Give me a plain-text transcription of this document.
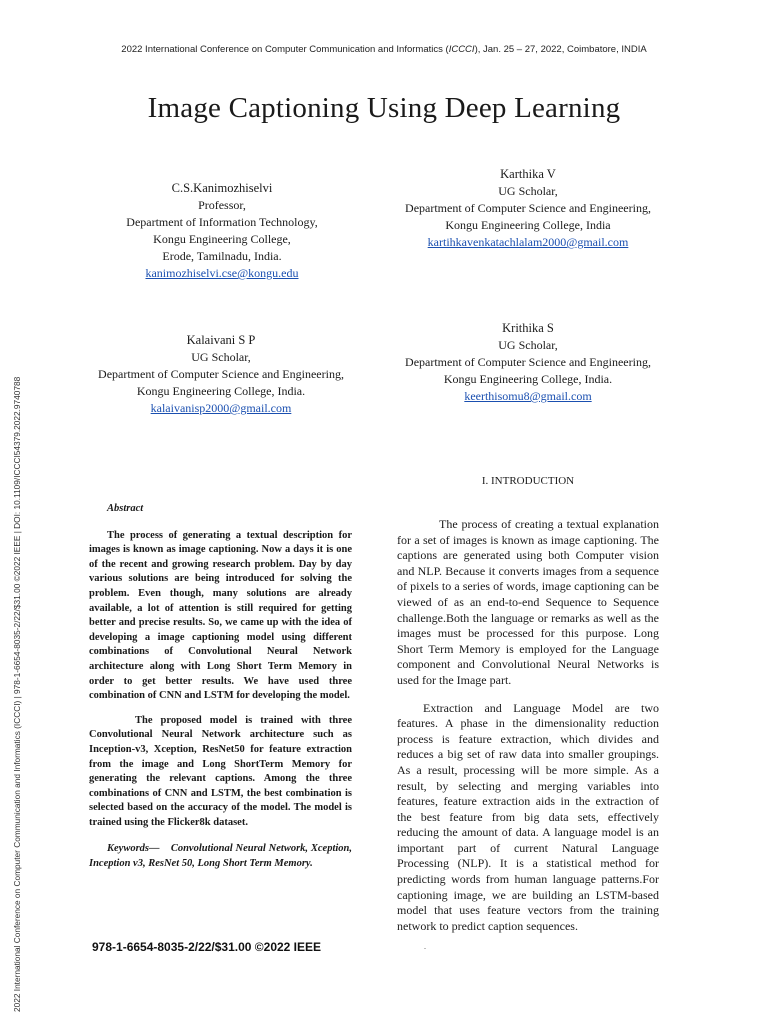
2022 International Conference on Computer Communication and Informatics (ICCCI), Jan. 25 – 27, 2022, Coimbatore, INDIA
Image Captioning Using Deep Learning
C.S.Kanimozhiselvi
Professor,
Department of Information Technology,
Kongu Engineering College,
Erode, Tamilnadu, India.
kanimozhiselvi.cse@kongu.edu
Karthika V
UG Scholar,
Department of Computer Science and Engineering,
Kongu Engineering College, India
kartihkavenkatachlalam2000@gmail.com
Kalaivani S P
UG Scholar,
Department of Computer Science and Engineering,
Kongu Engineering College, India.
kalaivanisp2000@gmail.com
Krithika S
UG Scholar,
Department of Computer Science and Engineering,
Kongu Engineering College, India.
keerthisomu8@gmail.com
2022 International Conference on Computer Communication and Informatics (ICCCI) | 978-1-6654-8035-2/22/$31.00 ©2022 IEEE | DOI: 10.1109/ICCCI54379.2022.9740788	Abstract

The process of generating a textual description for images is known as image captioning. Now a days it is one of the recent and growing research problem. Day by day various solutions are being introduced for solving the problem. Even though, many solutions are already available, a lot of attention is still required for getting better and precise results. So, we came up with the idea of developing a image captioning model using different combinations of Convolutional Neural Network architecture along with Long Short Term Memory in order to get better results. We have used three combination of CNN and LSTM for developing the model.

The proposed model is trained with three Convolutional Neural Network architecture such as Inception-v3, Xception, ResNet50 for feature extraction from the image and Long ShortTerm Memory for generating the relevant captions. Among the three combinations of CNN and LSTM, the best combination is selected based on the accuracy of the model. The model is trained using the Flicker8k dataset.

Keywords— Convolutional Neural Network, Xception, Inception v3, ResNet 50, Long Short Term Memory.

I. INTRODUCTION

The process of creating a textual explanation for a set of images is known as image captioning. The captions are generated using both Computer vision and NLP. Because it converts images from a sequence of pixels to a series of words, image captioning can be viewed of as an end-to-end Sequence to Sequence challenge.Both the language or remarks as well as the images must be processed for this purpose. Long Short Term Memory is employed for the Language component and Convolutional Neural Networks is used for the Image part.

Extraction and Language Model are two features. A phase in the dimensionality reduction process is feature extraction, which divides and reduces a big set of raw data into smaller groupings. As a result, processing will be more simple. As a result, by selecting and merging variables into features, feature extraction aids in the extraction of the best feature from big data sets, effectively reducing the amount of data. A language model is an important part of current Natural Language Processing (NLP). It is a statistical method for predicting words from human language patterns.For captioning image, we are building an LSTM-based model that uses feature vectors from the training network to predict caption sequences.

978-1-6654-8035-2/22/$31.00 ©2022 IEEE	.
